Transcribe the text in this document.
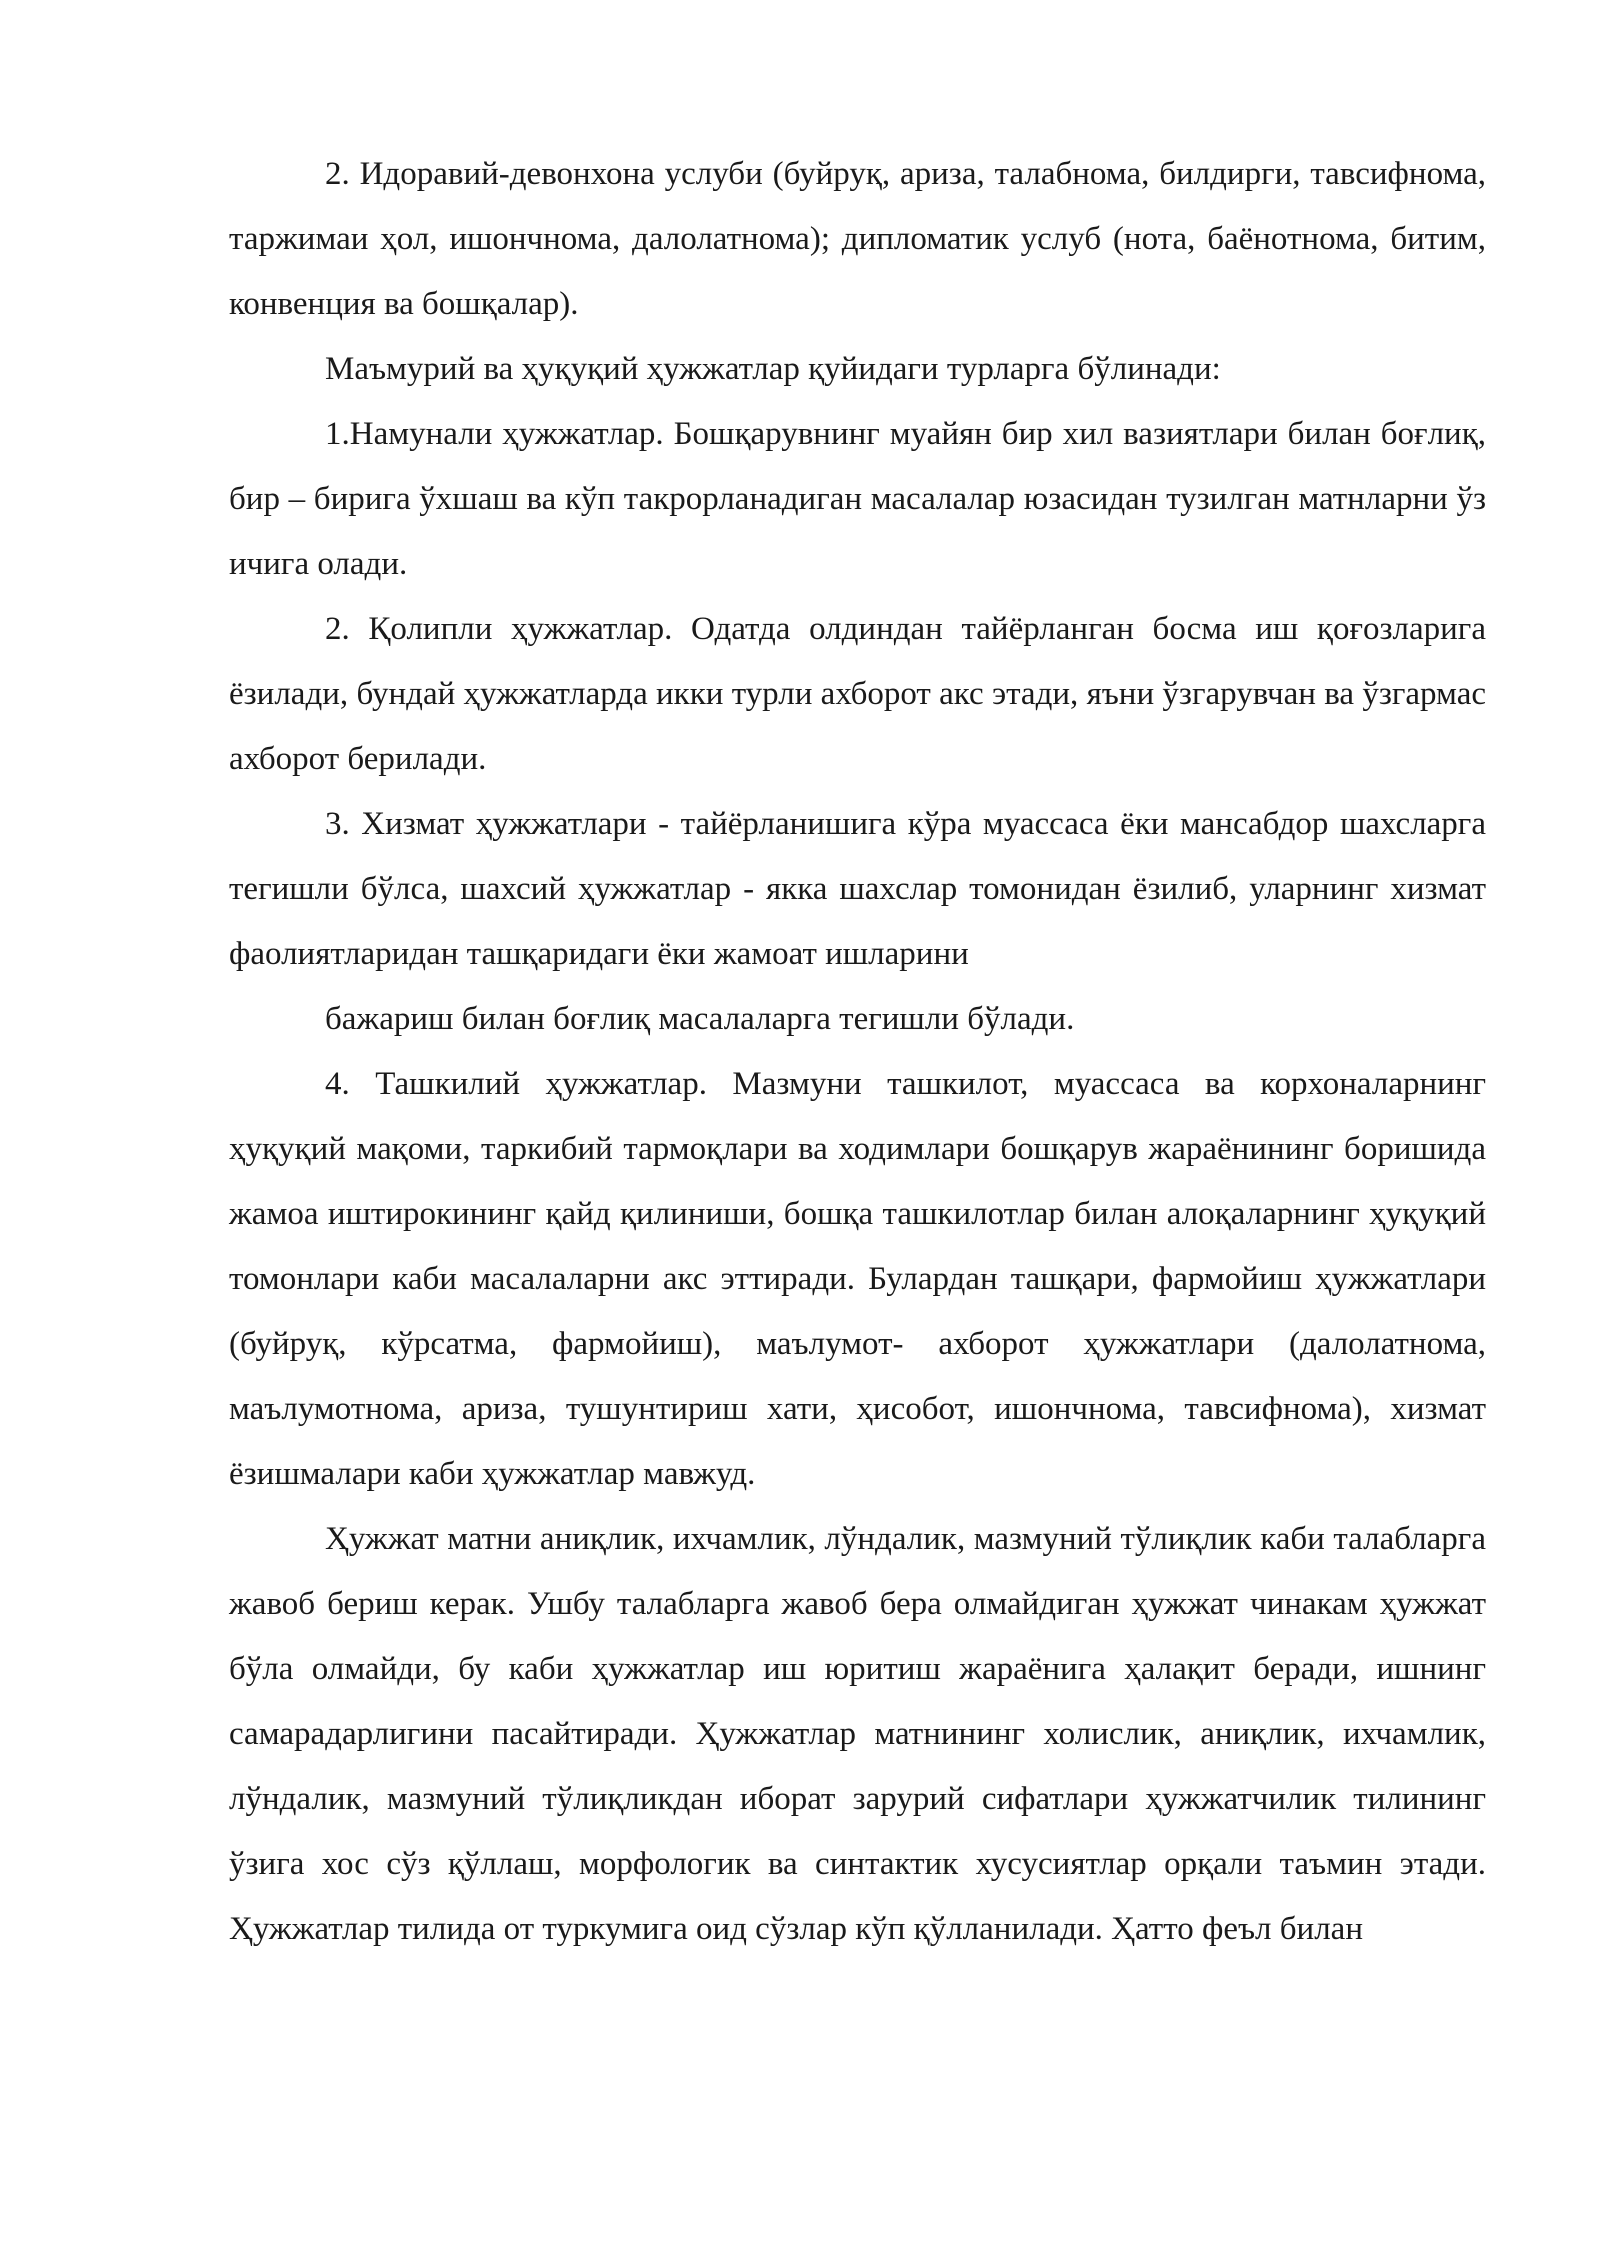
2. Идоравий-девонхона услуби (буйруқ, ариза, талабнома, билдирги, тавсифнома, таржимаи ҳол, ишончнома, далолатнома); дипломатик услуб (нота, баёнотнома, битим, конвенция ва бошқалар).

Маъмурий ва ҳуқуқий ҳужжатлар қуйидаги турларга бўлинади:

1.Намунали ҳужжатлар. Бошқарувнинг муайян бир хил вазиятлари билан боғлиқ, бир – бирига ўхшаш ва кўп такрорланадиган масалалар юзасидан тузилган матнларни ўз ичига олади.

2. Қолипли ҳужжатлар. Одатда олдиндан тайёрланган босма иш қоғозларига ёзилади, бундай ҳужжатларда икки турли ахборот акс этади, яъни ўзгарувчан ва ўзгармас ахборот берилади.

3. Хизмат ҳужжатлари - тайёрланишига кўра муассаса ёки мансабдор шахсларга тегишли бўлса, шахсий ҳужжатлар - якка шахслар томонидан ёзилиб, уларнинг хизмат фаолиятларидан ташқаридаги ёки жамоат ишларини

бажариш билан боғлиқ масалаларга тегишли бўлади.

4. Ташкилий ҳужжатлар. Мазмуни ташкилот, муассаса ва корхоналарнинг ҳуқуқий мақоми, таркибий тармоқлари ва ходимлари бошқарув жараёнининг боришида жамоа иштирокининг қайд қилиниши, бошқа ташкилотлар билан алоқаларнинг ҳуқуқий томонлари каби масалаларни акс эттиради. Булардан ташқари, фармойиш ҳужжатлари (буйруқ, кўрсатма, фармойиш), маълумот- ахборот ҳужжатлари (далолатнома, маълумотнома, ариза, тушунтириш хати, ҳисобот, ишончнома, тавсифнома), хизмат ёзишмалари каби ҳужжатлар мавжуд.

Ҳужжат матни аниқлик, ихчамлик, лўндалик, мазмуний тўлиқлик каби талабларга жавоб бериш керак. Ушбу талабларга жавоб бера олмайдиган ҳужжат чинакам ҳужжат бўла олмайди, бу каби ҳужжатлар иш юритиш жараёнига ҳалақит беради, ишнинг самарадарлигини пасайтиради. Ҳужжатлар матнининг холислик, аниқлик, ихчамлик, лўндалик, мазмуний тўлиқликдан иборат зарурий сифатлари ҳужжатчилик тилининг ўзига хос сўз қўллаш, морфологик ва синтактик хусусиятлар орқали таъмин этади. Ҳужжатлар тилида от туркумига оид сўзлар кўп қўлланилади. Ҳатто феъл билан
